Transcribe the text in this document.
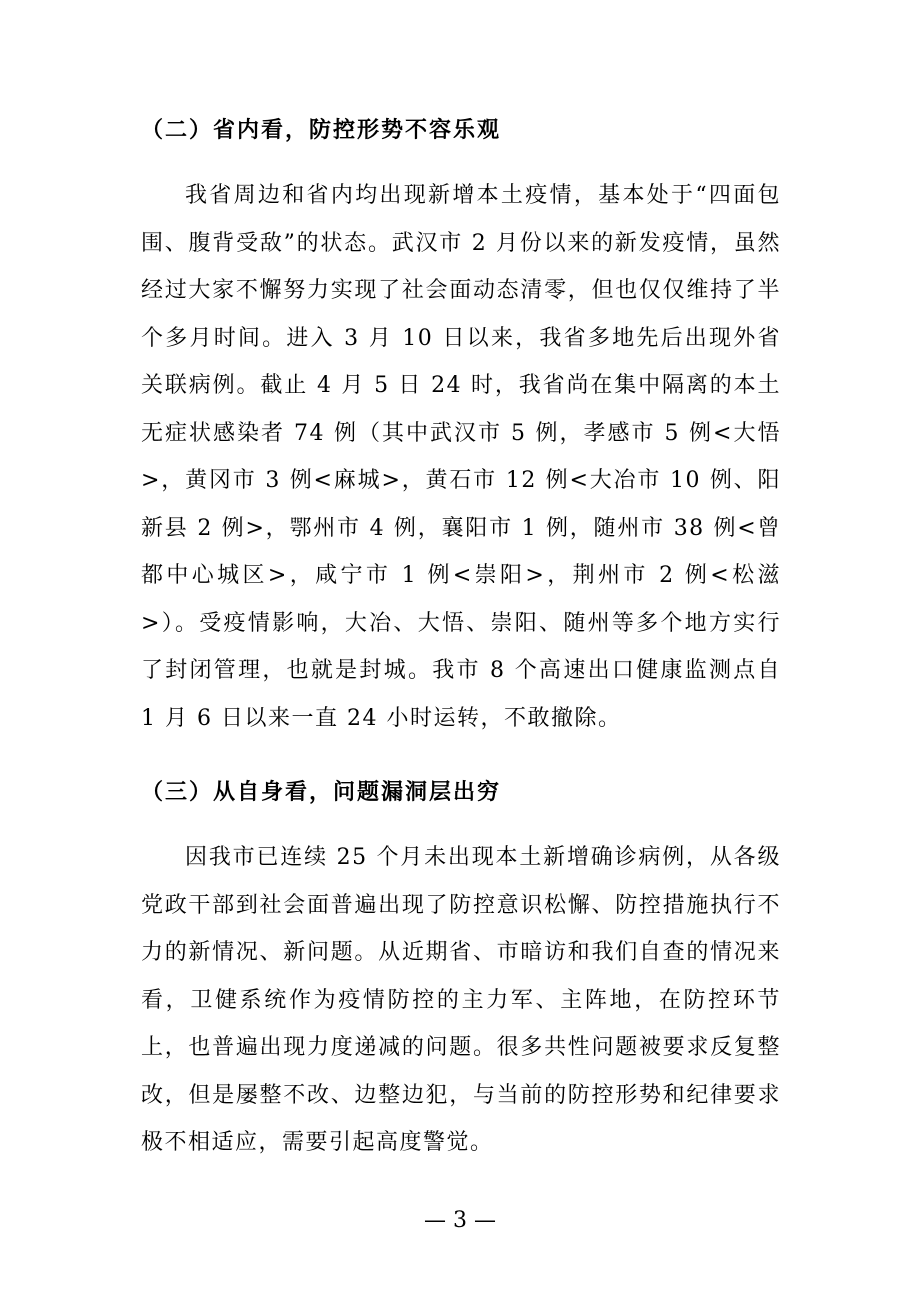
（二）省内看，防控形势不容乐观
我省周边和省内均出现新增本土疫情，基本处于“四面包围、腹背受敌”的状态。武汉市 2 月份以来的新发疫情，虽然经过大家不懈努力实现了社会面动态清零，但也仅仅维持了半个多月时间。进入 3 月 10 日以来，我省多地先后出现外省关联病例。截止 4 月 5 日 24 时，我省尚在集中隔离的本土无症状感染者 74 例（其中武汉市 5 例，孝感市 5 例<大悟>，黄冈市 3 例<麻城>，黄石市 12 例<大冶市 10 例、阳新县 2 例>，鄂州市 4 例，襄阳市 1 例，随州市 38 例<曾都中心城区>，咸宁市 1 例<崇阳>，荆州市 2 例<松滋>）。受疫情影响，大冶、大悟、崇阳、随州等多个地方实行了封闭管理，也就是封城。我市 8 个高速出口健康监测点自 1 月 6 日以来一直 24 小时运转，不敢撤除。
（三）从自身看，问题漏洞层出穷
因我市已连续 25 个月未出现本土新增确诊病例，从各级党政干部到社会面普遍出现了防控意识松懈、防控措施执行不力的新情况、新问题。从近期省、市暗访和我们自查的情况来看，卫健系统作为疫情防控的主力军、主阵地，在防控环节上，也普遍出现力度递减的问题。很多共性问题被要求反复整改，但是屡整不改、边整边犯，与当前的防控形势和纪律要求极不相适应，需要引起高度警觉。
— 3 —
